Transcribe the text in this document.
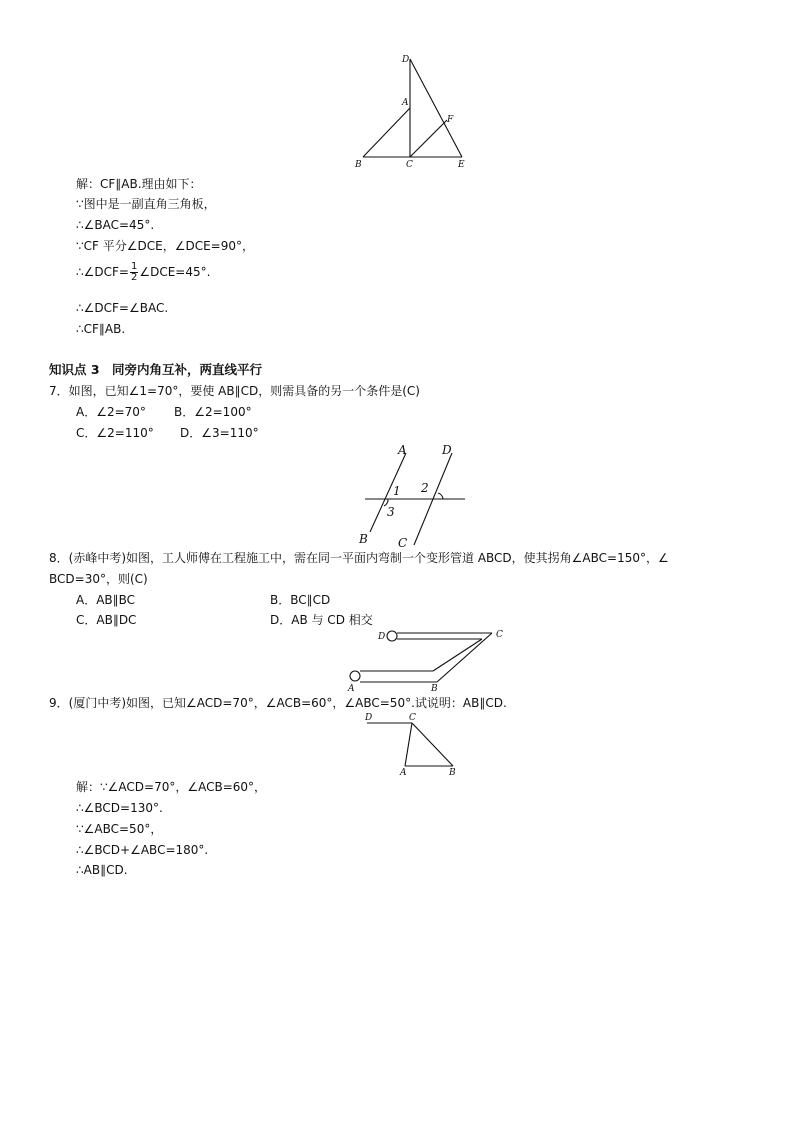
D
A
F
B	C	E
解：CF∥AB.理由如下：
∵图中是一副直角三角板，
∴∠BAC=45°.
∵CF 平分∠DCE，∠DCE=90°，
∴∠DCF= $\frac{1}{2}$ ∠DCE=45°.
∴∠DCF=∠BAC.
∴CF∥AB.
知识点 3　同旁内角互补，两直线平行
7．如图，已知∠1=70°，要使 AB∥CD，则需具备的另一个条件是(C)
A．∠2=70° B．∠2=100°
C．∠2=110° D．∠3=110°
A	D
B	C
1 2
3
8．(赤峰中考)如图，工人师傅在工程施工中，需在同一平面内弯制一个变形管道 ABCD，使其拐角∠ABC=150°，∠
BCD=30°，则(C)
A．AB∥BC	B．BC∥CD
C．AB∥DC	D．AB 与 CD 相交
D	C
A	B
9．(厦门中考)如图，已知∠ACD=70°，∠ACB=60°，∠ABC=50°.试说明：AB∥CD.
D	C
A	B
解：∵∠ACD=70°，∠ACB=60°，
∴∠BCD=130°.
∵∠ABC=50°，
∴∠BCD+∠ABC=180°.
∴AB∥CD.
